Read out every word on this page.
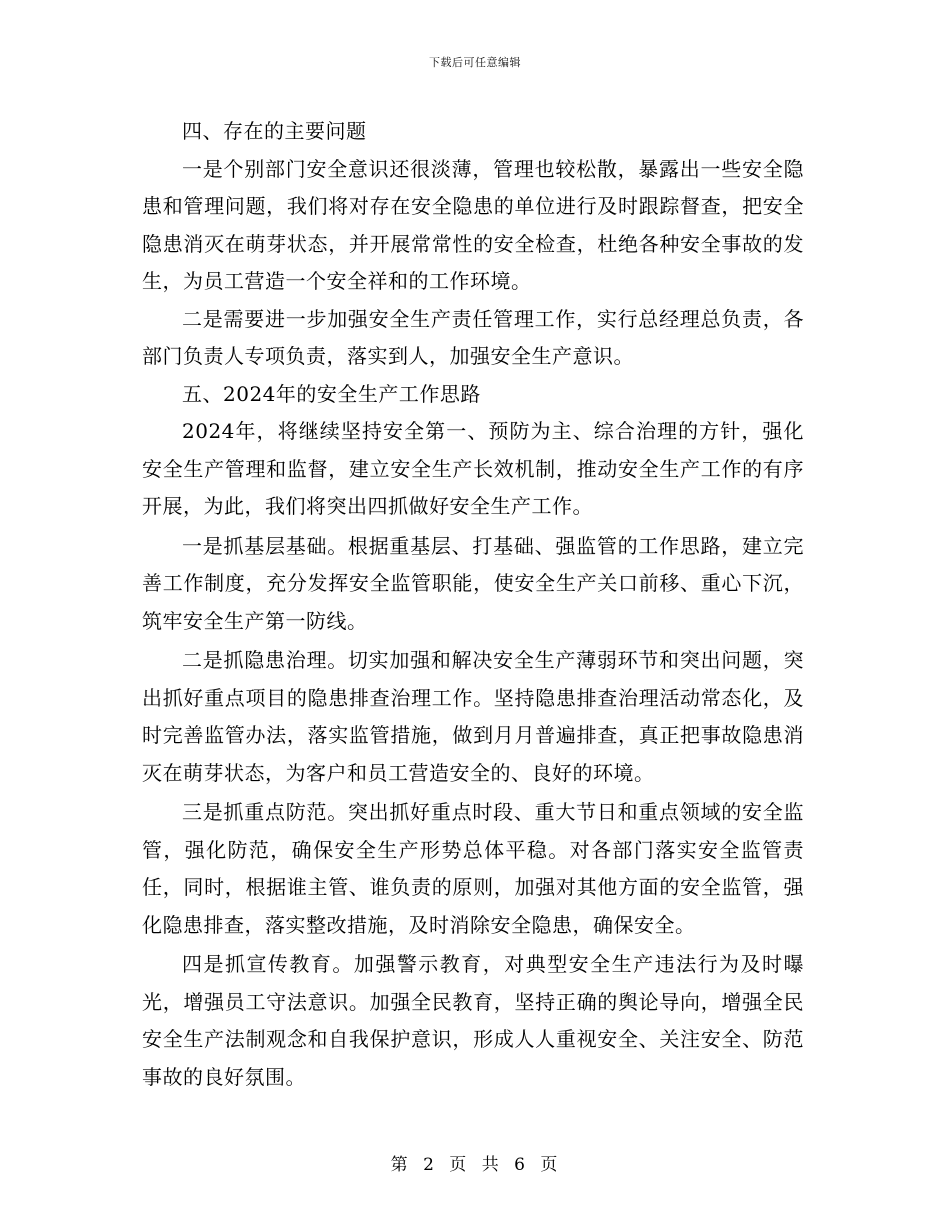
下载后可任意编辑

四、存在的主要问题

一是个别部门安全意识还很淡薄，管理也较松散，暴露出一些安全隐患和管理问题，我们将对存在安全隐患的单位进行及时跟踪督查，把安全隐患消灭在萌芽状态，并开展常常性的安全检查，杜绝各种安全事故的发生，为员工营造一个安全祥和的工作环境。

二是需要进一步加强安全生产责任管理工作，实行总经理总负责，各部门负责人专项负责，落实到人，加强安全生产意识。

五、2024年的安全生产工作思路

2024年，将继续坚持安全第一、预防为主、综合治理的方针，强化安全生产管理和监督，建立安全生产长效机制，推动安全生产工作的有序开展，为此，我们将突出四抓做好安全生产工作。

一是抓基层基础。根据重基层、打基础、强监管的工作思路，建立完善工作制度，充分发挥安全监管职能，使安全生产关口前移、重心下沉，筑牢安全生产第一防线。

二是抓隐患治理。切实加强和解决安全生产薄弱环节和突出问题，突出抓好重点项目的隐患排查治理工作。坚持隐患排查治理活动常态化，及时完善监管办法，落实监管措施，做到月月普遍排查，真正把事故隐患消灭在萌芽状态，为客户和员工营造安全的、良好的环境。

三是抓重点防范。突出抓好重点时段、重大节日和重点领域的安全监管，强化防范，确保安全生产形势总体平稳。对各部门落实安全监管责任，同时，根据谁主管、谁负责的原则，加强对其他方面的安全监管，强化隐患排查，落实整改措施，及时消除安全隐患，确保安全。

四是抓宣传教育。加强警示教育，对典型安全生产违法行为及时曝光，增强员工守法意识。加强全民教育，坚持正确的舆论导向，增强全民安全生产法制观念和自我保护意识，形成人人重视安全、关注安全、防范事故的良好氛围。

第 2 页 共 6 页
